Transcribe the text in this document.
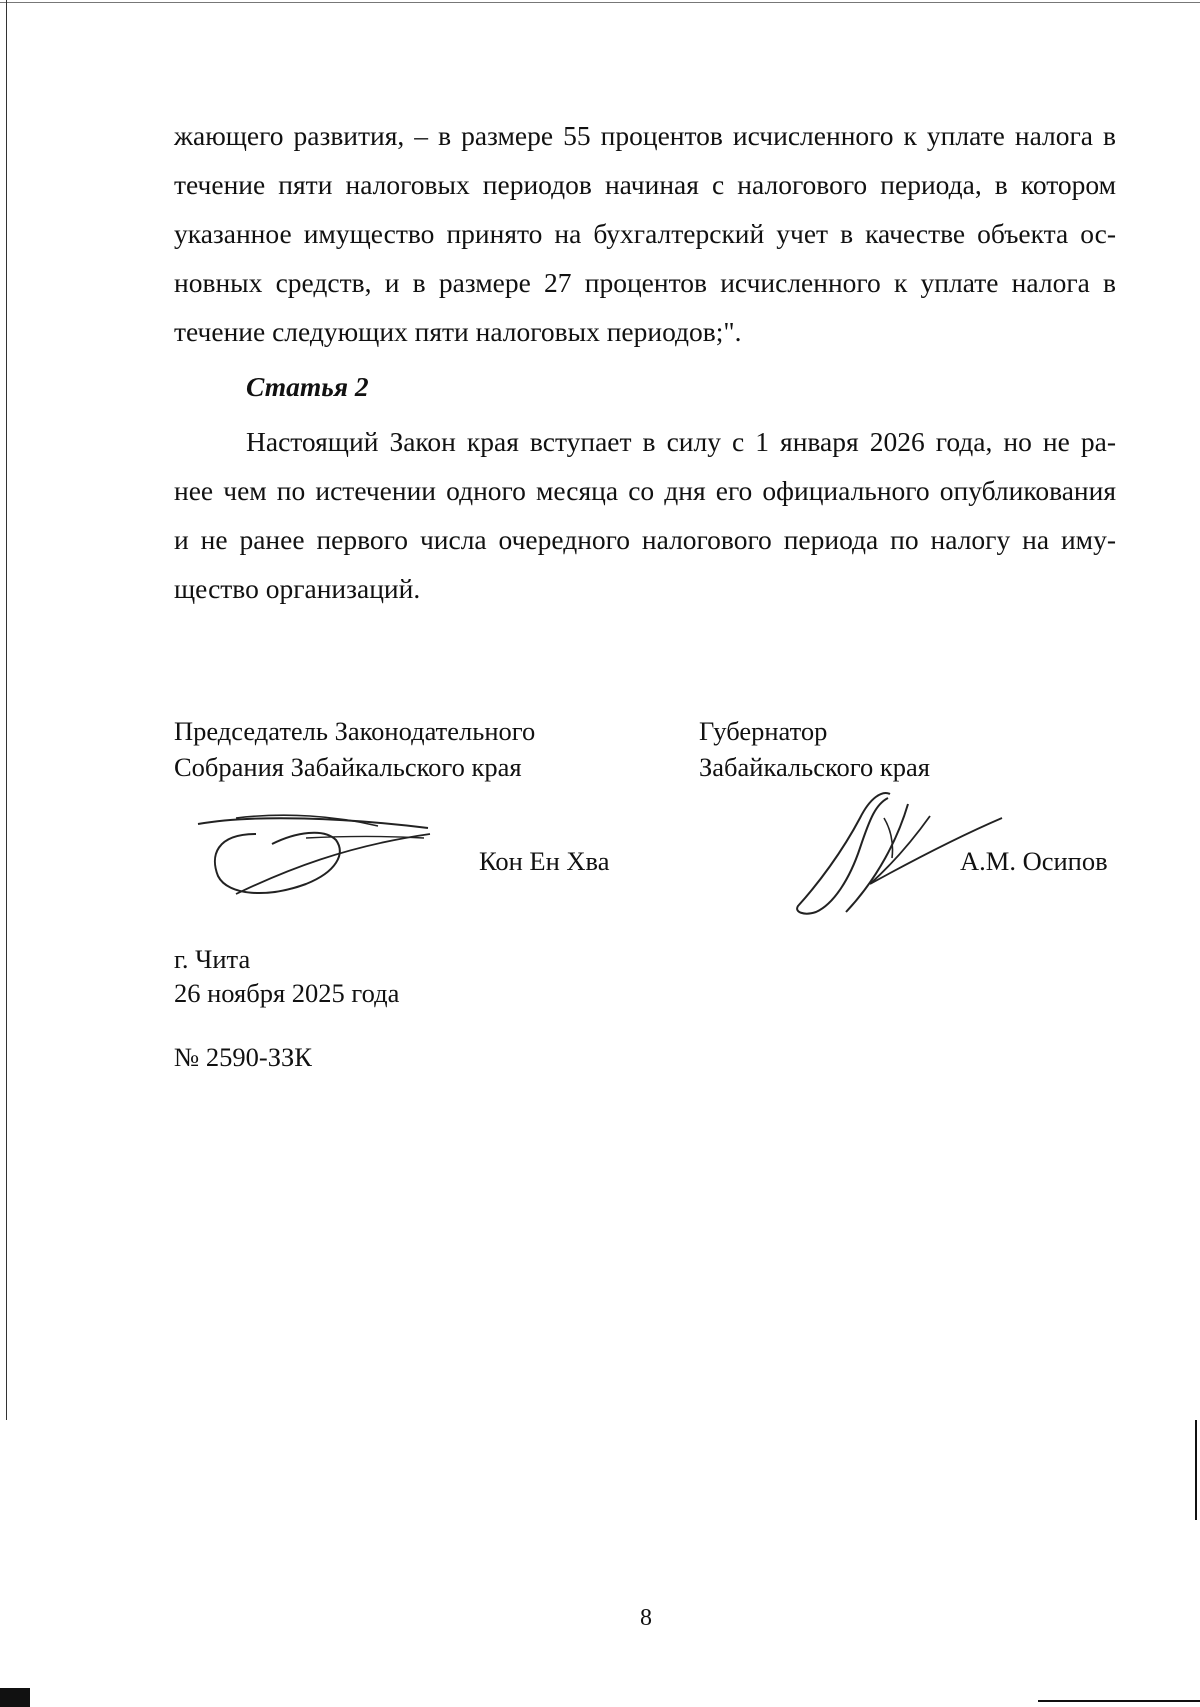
жающего развития, – в размере 55 процентов исчисленного к уплате налога в

течение пяти налоговых периодов начиная с налогового периода, в котором

указанное имущество принято на бухгалтерский учет в качестве объекта ос-

новных средств, и в размере 27 процентов исчисленного к уплате налога в

течение следующих пяти налоговых периодов;".

Статья 2

Настоящий Закон края вступает в силу с 1 января 2026 года, но не ра-

нее чем по истечении одного месяца со дня его официального опубликования

и не ранее первого числа очередного налогового периода по налогу на иму-

щество организаций.

Председатель Законодательного
Собрания Забайкальского края
Кон Ен Хва
Губернатор
Забайкальского края
А.М. Осипов
г. Чита
26 ноября 2025 года
№ 2590-ЗЗК
8
